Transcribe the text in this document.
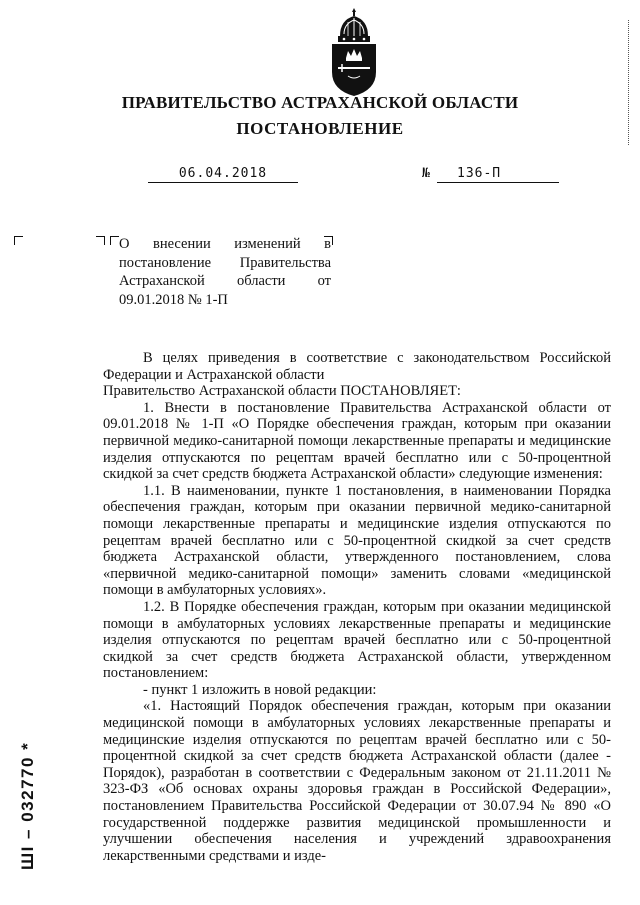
ПРАВИТЕЛЬСТВО АСТРАХАНСКОЙ ОБЛАСТИ
ПОСТАНОВЛЕНИЕ
06.04.2018	№	136-П
О внесении изменений в постановление Правительства Астраханской области от 09.01.2018 № 1-П

В целях приведения в соответствие с законодательством Российской Федерации и Астраханской области

Правительство Астраханской области ПОСТАНОВЛЯЕТ:

1. Внести в постановление Правительства Астраханской области от 09.01.2018 № 1-П «О Порядке обеспечения граждан, которым при оказании первичной медико-санитарной помощи лекарственные препараты и медицинские изделия отпускаются по рецептам врачей бесплатно или с 50-процентной скидкой за счет средств бюджета Астраханской области» следующие изменения:

1.1. В наименовании, пункте 1 постановления, в наименовании Порядка обеспечения граждан, которым при оказании первичной медико-санитарной помощи лекарственные препараты и медицинские изделия отпускаются по рецептам врачей бесплатно или с 50-процентной скидкой за счет средств бюджета Астраханской области, утвержденного постановлением, слова «первичной медико-санитарной помощи» заменить словами «медицинской помощи в амбулаторных условиях».

1.2. В Порядке обеспечения граждан, которым при оказании медицинской помощи в амбулаторных условиях лекарственные препараты и медицинские изделия отпускаются по рецептам врачей бесплатно или с 50-процентной скидкой за счет средств бюджета Астраханской области, утвержденном постановлением:

- пункт 1 изложить в новой редакции:

«1. Настоящий Порядок обеспечения граждан, которым при оказании медицинской помощи в амбулаторных условиях лекарственные препараты и медицинские изделия отпускаются по рецептам врачей бесплатно или с 50-процентной скидкой за счет средств бюджета Астраханской области (далее - Порядок), разработан в соответствии с Федеральным законом от 21.11.2011 № 323-ФЗ «Об основах охраны здоровья граждан в Российской Федерации», постановлением Правительства Российской Федерации от 30.07.94 № 890 «О государственной поддержке развития медицинской промышленности и улучшении обеспечения населения и учреждений здравоохранения лекарственными средствами и изде-

ШI – 032770 *
